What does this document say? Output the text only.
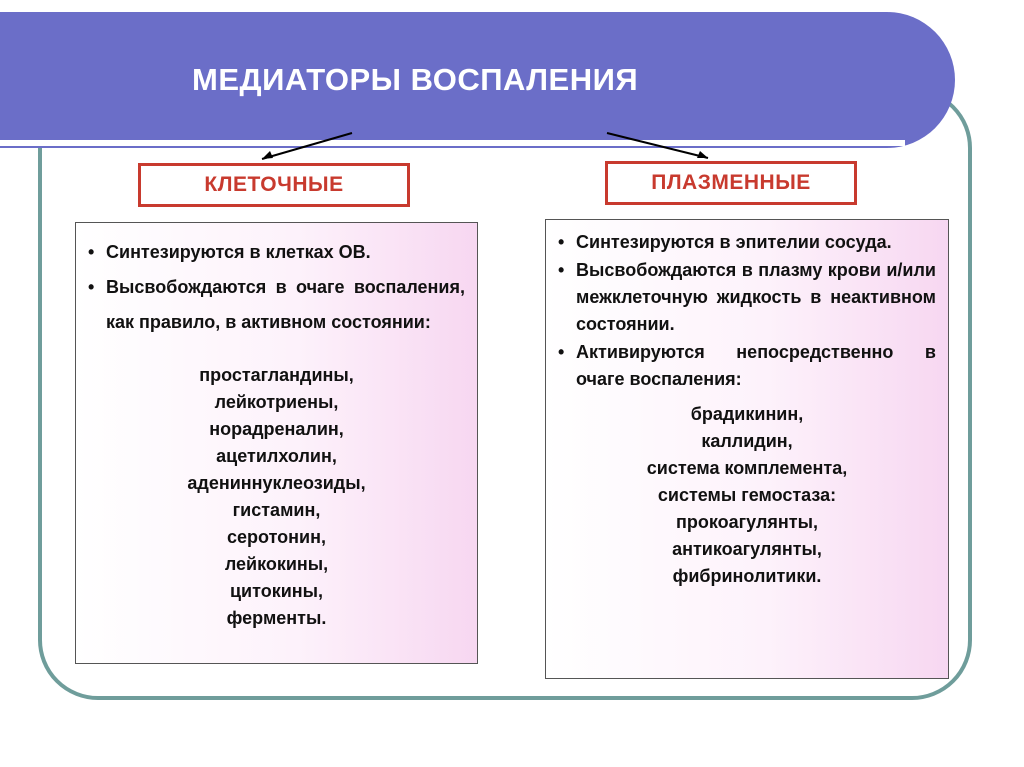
МЕДИАТОРЫ ВОСПАЛЕНИЯ
КЛЕТОЧНЫЕ	ПЛАЗМЕННЫЕ
• Синтезируются в клетках ОВ.
• Высвобождаются в очаге воспаления, как правило, в активном состоянии:
простагландины,
лейкотриены,
норадреналин,
ацетилхолин,
адениннуклеозиды,
гистамин,
серотонин,
лейкокины,
цитокины,
ферменты.
• Синтезируются в эпителии сосуда.
• Высвобождаются в плазму крови и/или межклеточную жидкость в неактивном состоянии.
• Активируются непосредственно в очаге воспаления:
брадикинин,
каллидин,
система комплемента,
системы гемостаза:
прокоагулянты,
антикоагулянты,
фибринолитики.
